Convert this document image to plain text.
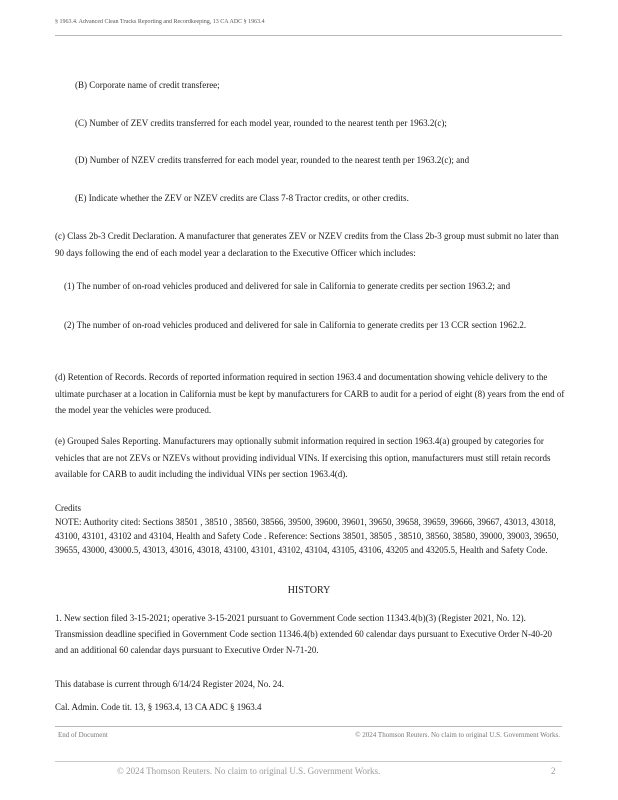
§ 1963.4. Advanced Clean Trucks Reporting and Recordkeeping, 13 CA ADC § 1963.4

(B) Corporate name of credit transferee;

(C) Number of ZEV credits transferred for each model year, rounded to the nearest tenth per 1963.2(c);

(D) Number of NZEV credits transferred for each model year, rounded to the nearest tenth per 1963.2(c); and

(E) Indicate whether the ZEV or NZEV credits are Class 7-8 Tractor credits, or other credits.

(c) Class 2b-3 Credit Declaration. A manufacturer that generates ZEV or NZEV credits from the Class 2b-3 group must submit no later than 90 days following the end of each model year a declaration to the Executive Officer which includes:

(1) The number of on-road vehicles produced and delivered for sale in California to generate credits per section 1963.2; and

(2) The number of on-road vehicles produced and delivered for sale in California to generate credits per 13 CCR section 1962.2.

(d) Retention of Records. Records of reported information required in section 1963.4 and documentation showing vehicle delivery to the ultimate purchaser at a location in California must be kept by manufacturers for CARB to audit for a period of eight (8) years from the end of the model year the vehicles were produced.

(e) Grouped Sales Reporting. Manufacturers may optionally submit information required in section 1963.4(a) grouped by categories for vehicles that are not ZEVs or NZEVs without providing individual VINs. If exercising this option, manufacturers must still retain records available for CARB to audit including the individual VINs per section 1963.4(d).

Credits

NOTE: Authority cited: Sections 38501 , 38510 , 38560, 38566, 39500, 39600, 39601, 39650, 39658, 39659, 39666, 39667, 43013, 43018, 43100, 43101, 43102 and 43104, Health and Safety Code . Reference: Sections 38501, 38505 , 38510, 38560, 38580, 39000, 39003, 39650, 39655, 43000, 43000.5, 43013, 43016, 43018, 43100, 43101, 43102, 43104, 43105, 43106, 43205 and 43205.5, Health and Safety Code.

HISTORY

1. New section filed 3-15-2021; operative 3-15-2021 pursuant to Government Code section 11343.4(b)(3) (Register 2021, No. 12). Transmission deadline specified in Government Code section 11346.4(b) extended 60 calendar days pursuant to Executive Order N-40-20 and an additional 60 calendar days pursuant to Executive Order N-71-20.

This database is current through 6/14/24 Register 2024, No. 24.

Cal. Admin. Code tit. 13, § 1963.4, 13 CA ADC § 1963.4

End of Document	© 2024 Thomson Reuters. No claim to original U.S. Government Works.
© 2024 Thomson Reuters. No claim to original U.S. Government Works.	2
